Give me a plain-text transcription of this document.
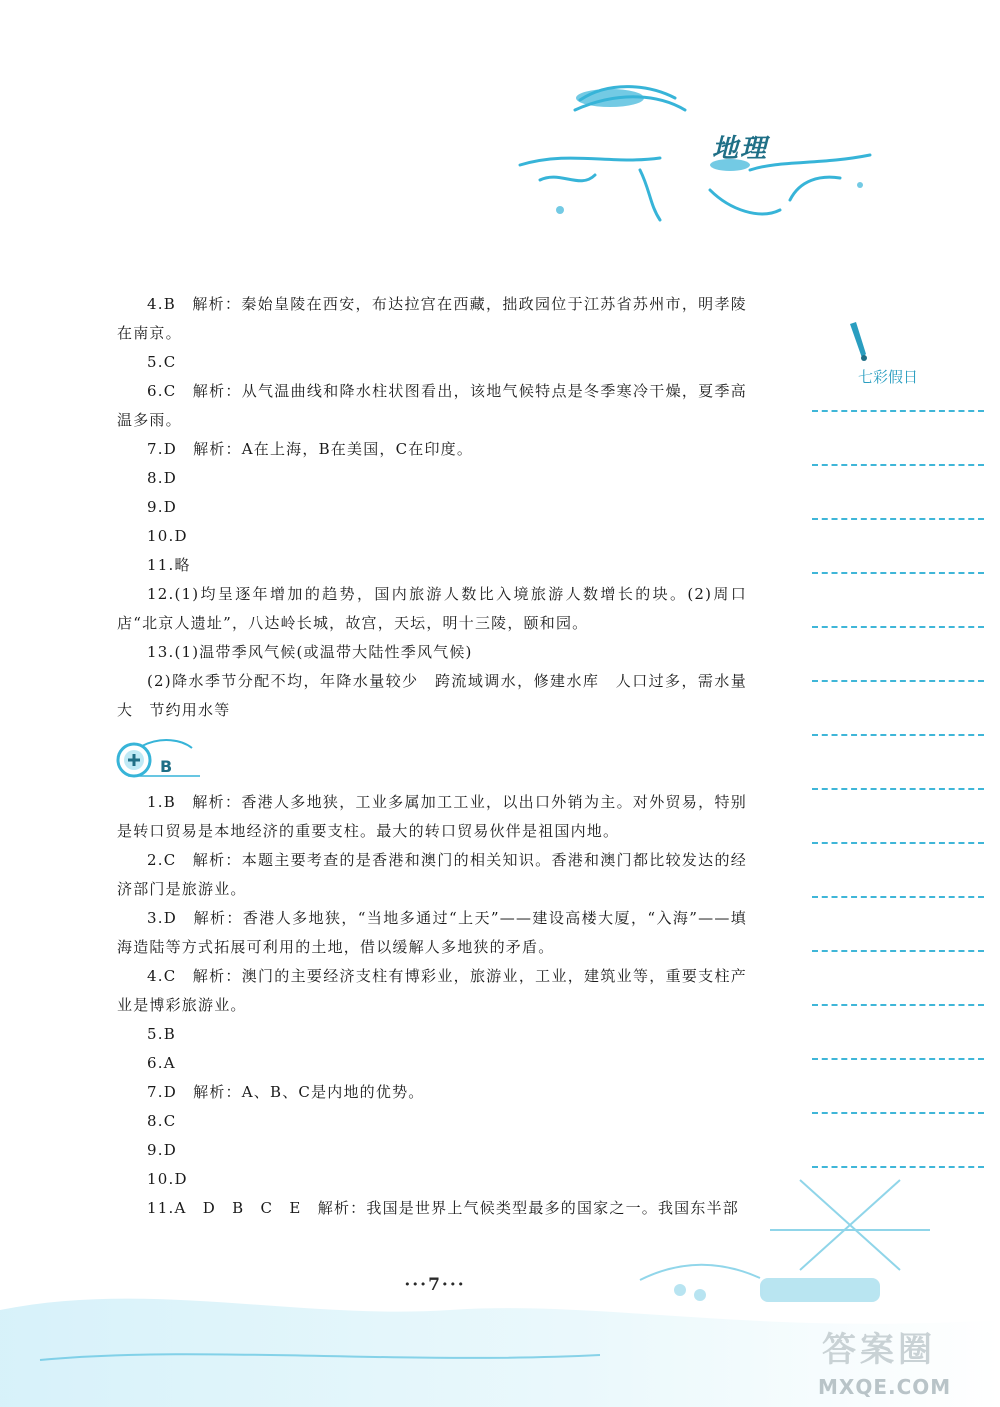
地理
七彩假日

4.B　解析：秦始皇陵在西安，布达拉宫在西藏，拙政园位于江苏省苏州市，明孝陵在南京。

5.C

6.C　解析：从气温曲线和降水柱状图看出，该地气候特点是冬季寒冷干燥，夏季高温多雨。

7.D　解析：A在上海，B在美国，C在印度。

8.D

9.D

10.D

11.略

12.(1)均呈逐年增加的趋势，国内旅游人数比入境旅游人数增长的块。(2)周口店“北京人遗址”，八达岭长城，故宫，天坛，明十三陵，颐和园。

13.(1)温带季风气候(或温带大陆性季风气候)

(2)降水季节分配不均，年降水量较少　跨流域调水，修建水库　人口过多，需水量大　节约用水等

1.B　解析：香港人多地狭，工业多属加工工业，以出口外销为主。对外贸易，特别是转口贸易是本地经济的重要支柱。最大的转口贸易伙伴是祖国内地。

2.C　解析：本题主要考查的是香港和澳门的相关知识。香港和澳门都比较发达的经济部门是旅游业。

3.D　解析：香港人多地狭，“当地多通过“上天”——建设高楼大厦，“入海”——填海造陆等方式拓展可利用的土地，借以缓解人多地狭的矛盾。

4.C　解析：澳门的主要经济支柱有博彩业，旅游业，工业，建筑业等，重要支柱产业是博彩旅游业。

5.B

6.A

7.D　解析：A、B、C是内地的优势。

8.C

9.D

10.D

11.A　D　B　C　E　解析：我国是世界上气候类型最多的国家之一。我国东半部

B
···7···
答案圈
MXQE.COM
